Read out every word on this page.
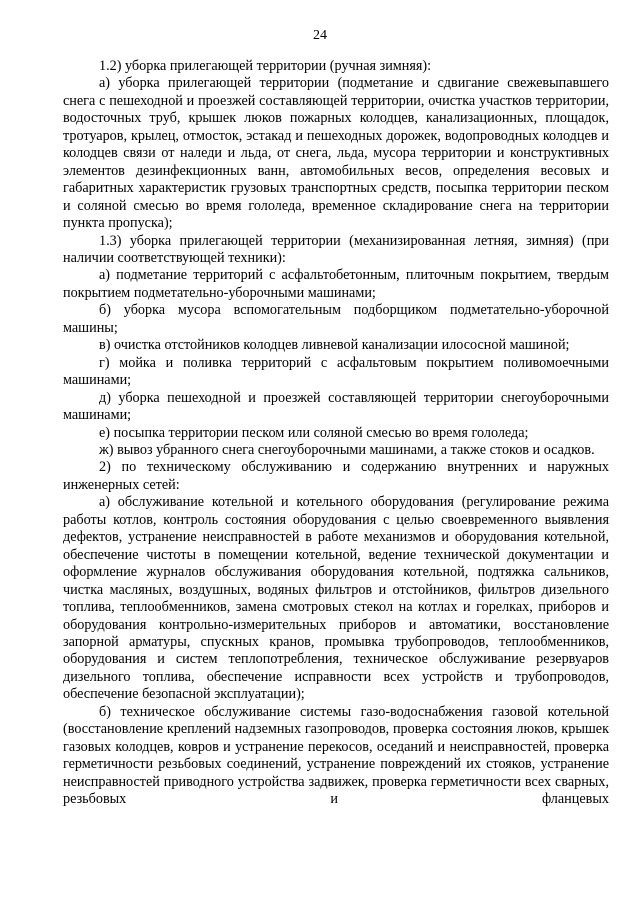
24

1.2) уборка прилегающей территории (ручная зимняя):

а) уборка прилегающей территории (подметание и сдвигание свежевыпавшего снега с пешеходной и проезжей составляющей территории, очистка участков территории, водосточных труб, крышек люков пожарных колодцев, канализационных, площадок, тротуаров, крылец, отмосток, эстакад и пешеходных дорожек, водопроводных колодцев и колодцев связи от наледи и льда, от снега, льда, мусора территории и конструктивных элементов дезинфекционных ванн, автомобильных весов, определения весовых и габаритных характеристик грузовых транспортных средств, посыпка территории песком и соляной смесью во время гололеда, временное складирование снега на территории пункта пропуска);

1.3) уборка прилегающей территории (механизированная летняя, зимняя) (при наличии соответствующей техники):

а) подметание территорий с асфальтобетонным, плиточным покрытием, твердым покрытием подметательно-уборочными машинами;

б) уборка мусора вспомогательным подборщиком подметательно-уборочной машины;

в) очистка отстойников колодцев ливневой канализации илососной машиной;

г) мойка и поливка территорий с асфальтовым покрытием поливомоечными машинами;

д) уборка пешеходной и проезжей составляющей территории снегоуборочными машинами;

е) посыпка территории песком или соляной смесью во время гололеда;

ж) вывоз убранного снега снегоуборочными машинами, а также стоков и осадков.

2) по техническому обслуживанию и содержанию внутренних и наружных инженерных сетей:

а) обслуживание котельной и котельного оборудования (регулирование режима работы котлов, контроль состояния оборудования с целью своевременного выявления дефектов, устранение неисправностей в работе механизмов и оборудования котельной, обеспечение чистоты в помещении котельной, ведение технической документации и оформление журналов обслуживания оборудования котельной, подтяжка сальников, чистка масляных, воздушных, водяных фильтров и отстойников, фильтров дизельного топлива, теплообменников, замена смотровых стекол на котлах и горелках, приборов и оборудования контрольно-измерительных приборов и автоматики, восстановление запорной арматуры, спускных кранов, промывка трубопроводов, теплообменников, оборудования и систем теплопотребления, техническое обслуживание резервуаров дизельного топлива, обеспечение исправности всех устройств и трубопроводов, обеспечение безопасной эксплуатации);

б) техническое обслуживание системы газо-водоснабжения газовой котельной (восстановление креплений надземных газопроводов, проверка состояния люков, крышек газовых колодцев, ковров и устранение перекосов, оседаний и неисправностей, проверка герметичности резьбовых соединений, устранение повреждений их стояков, устранение неисправностей приводного устройства задвижек, проверка герметичности всех сварных, резьбовых и фланцевых
